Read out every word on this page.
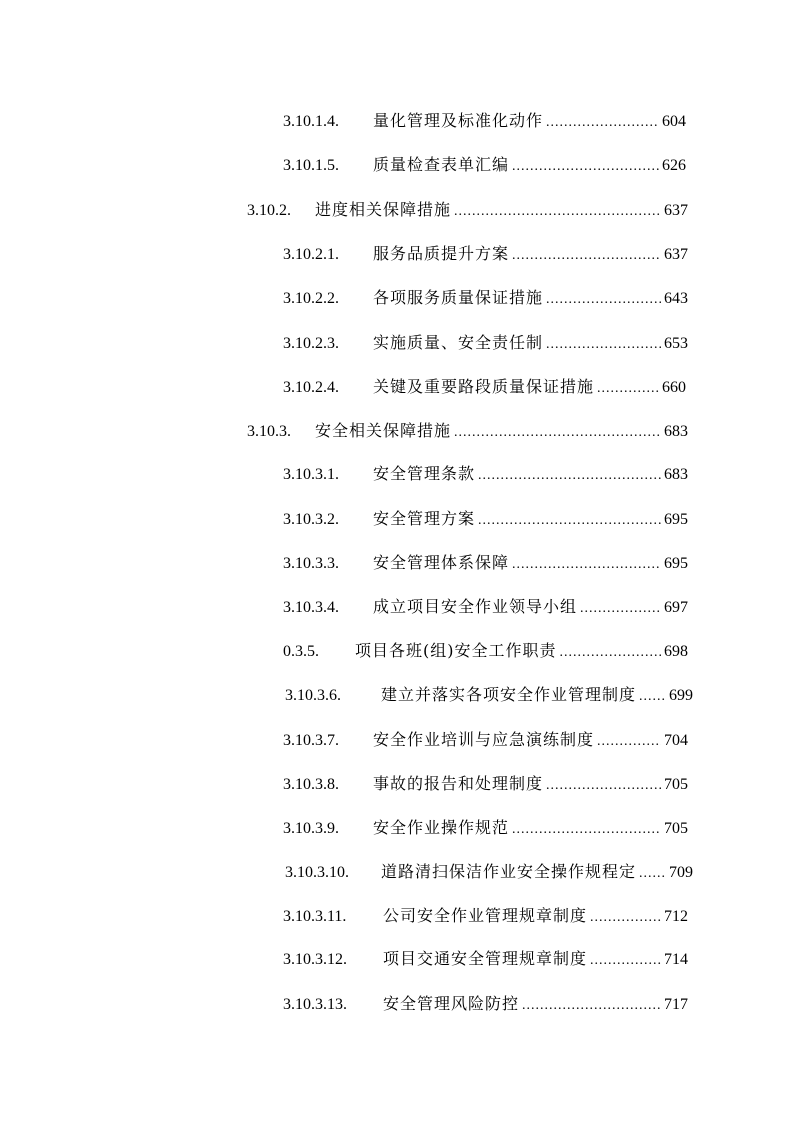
3.10.1.4.	量化管理及标准化动作 .....	604
3.10.1.5.	质量检查表单汇编 .....	626
3.10.2.	进度相关保障措施 .....	637
3.10.2.1.	服务品质提升方案 .....	637
3.10.2.2.	各项服务质量保证措施 .....	643
3.10.2.3.	实施质量、安全责任制 .....	653
3.10.2.4.	关键及重要路段质量保证措施 .....	660
3.10.3.	安全相关保障措施 .....	683
3.10.3.1.	安全管理条款 .....	683
3.10.3.2.	安全管理方案 .....	695
3.10.3.3.	安全管理体系保障 .....	695
3.10.3.4.	成立项目安全作业领导小组 .....	697
0.3.5.	项目各班(组)安全工作职责 .....	698
3.10.3.6.	建立并落实各项安全作业管理制度 ..... 699
3.10.3.7.	安全作业培训与应急演练制度 .....	704
3.10.3.8.	事故的报告和处理制度 .....	705
3.10.3.9.	安全作业操作规范 .....	705
3.10.3.10.	道路清扫保洁作业安全操作规程定 ..... 709
3.10.3.11.	公司安全作业管理规章制度 .....	712
3.10.3.12.	项目交通安全管理规章制度 .....	714
3.10.3.13.	安全管理风险防控 .....	717
